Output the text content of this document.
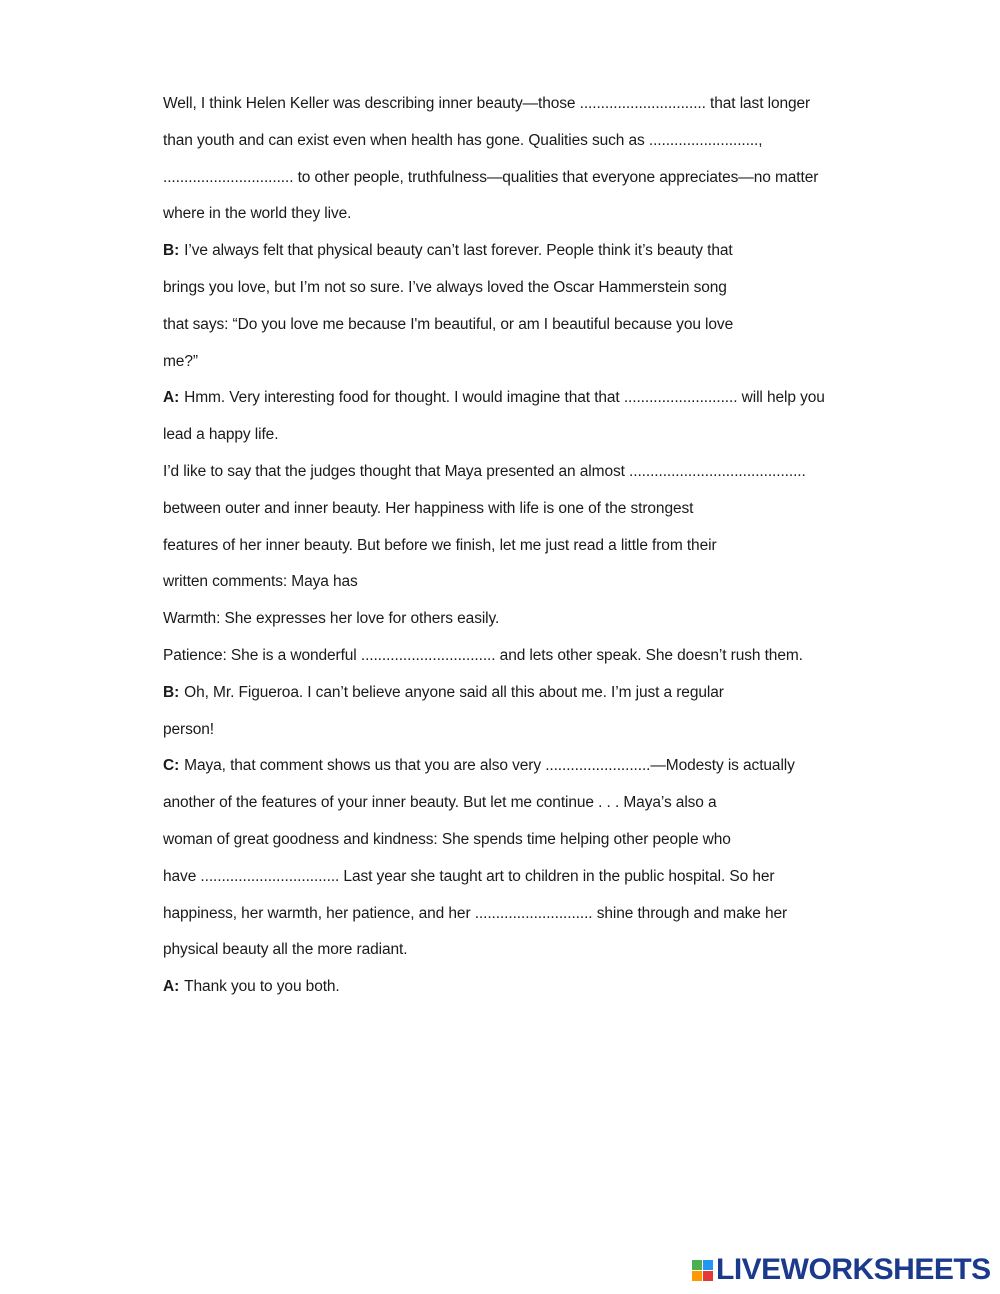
Well, I think Helen Keller was describing inner beauty—those .............................. that last longer
than youth and can exist even when health has gone. Qualities such as ..........................,
............................... to other people, truthfulness—qualities that everyone appreciates—no matter
where in the world they live.
B: I’ve always felt that physical beauty can’t last forever. People think it’s beauty that
brings you love, but I’m not so sure. I’ve always loved the Oscar Hammerstein song
that says: “Do you love me because I'm beautiful, or am I beautiful because you love
me?”
A: Hmm. Very interesting food for thought. I would imagine that that ........................... will help you
lead a happy life.
I’d like to say that the judges thought that Maya presented an almost ..........................................
between outer and inner beauty. Her happiness with life is one of the strongest
features of her inner beauty. But before we finish, let me just read a little from their
written comments: Maya has
Warmth: She expresses her love for others easily.
Patience: She is a wonderful ................................ and lets other speak. She doesn’t rush them.
B: Oh, Mr. Figueroa. I can’t believe anyone said all this about me. I’m just a regular
person!
C: Maya, that comment shows us that you are also very .........................—Modesty is actually
another of the features of your inner beauty. But let me continue . . . Maya’s also a
woman of great goodness and kindness: She spends time helping other people who
have ................................. Last year she taught art to children in the public hospital. So her
happiness, her warmth, her patience, and her ............................ shine through and make her
physical beauty all the more radiant.
A: Thank you to you both.
LIVEWORKSHEETS
